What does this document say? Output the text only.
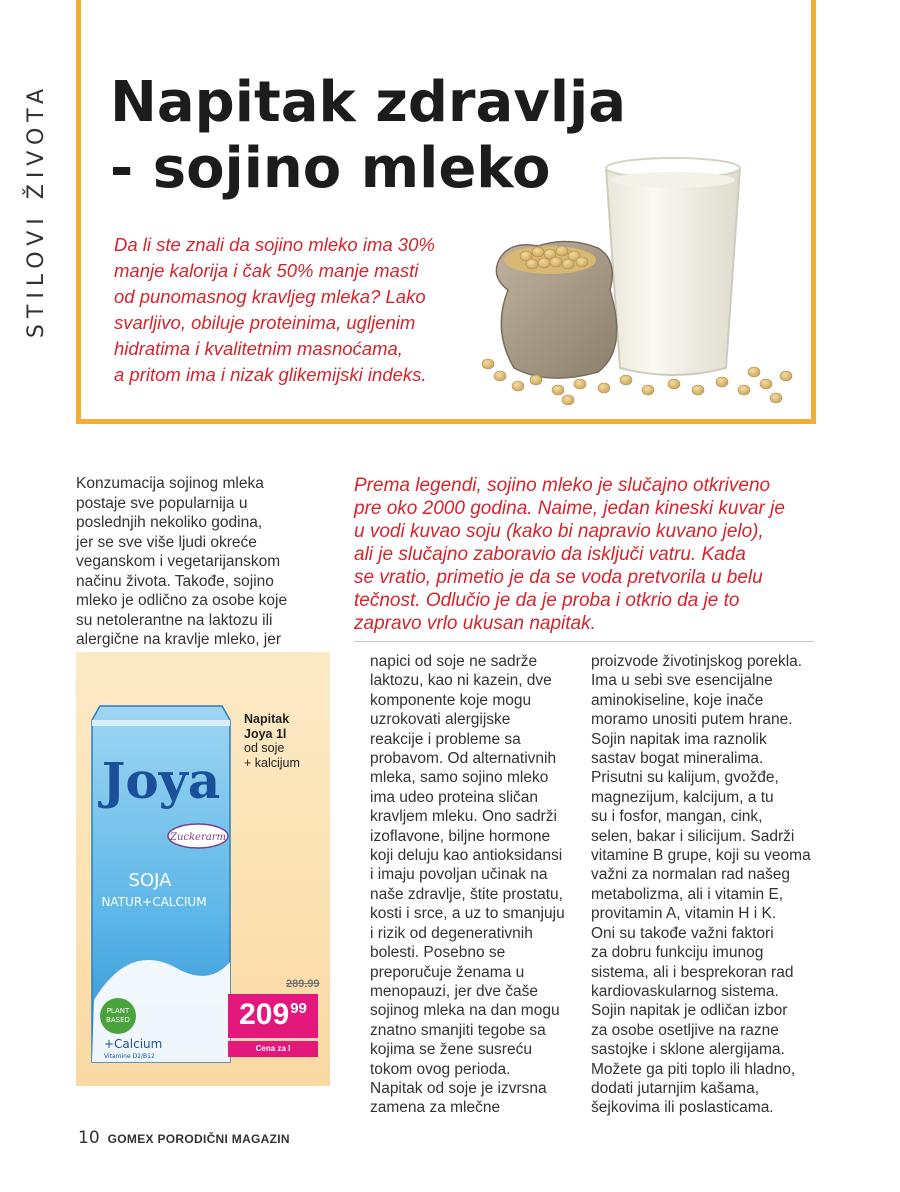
STILOVI ŽIVOTA Napitak zdravlja
- sojino mleko
Da li ste znali da sojino mleko ima 30%
manje kalorija i čak 50% manje masti
od punomasnog kravljeg mleka? Lako
svarljivo, obiluje proteinima, ugljenim
hidratima i kvalitetnim masnoćama,
a pritom ima i nizak glikemijski indeks.
Konzumacija sojinog mleka
postaje sve popularnija u
poslednjih nekoliko godina,
jer se sve više ljudi okreće
veganskom i vegetarijanskom
načinu života. Takođe, sojino
mleko je odlično za osobe koje
su netolerantne na laktozu ili
alergične na kravlje mleko, jer
Prema legendi, sojino mleko je slučajno otkriveno
pre oko 2000 godina. Naime, jedan kineski kuvar je
u vodi kuvao soju (kako bi napravio kuvano jelo),
ali je slučajno zaboravio da isključi vatru. Kada
se vratio, primetio je da se voda pretvorila u belu
tečnost. Odlučio je da je proba i otkrio da je to
zapravo vrlo ukusan napitak.
Joya
Zuckerarm
SOJA
NATUR+CALCIUM
PLANT
BASED
+Calcium
Vitamine D2/B12
Napitak
Joya 1l
od soje
+ kalcijum
289.99
209 99
Cena za l
napici od soje ne sadrže
laktozu, kao ni kazein, dve
komponente koje mogu
uzrokovati alergijske
reakcije i probleme sa
probavom. Od alternativnih
mleka, samo sojino mleko
ima udeo proteina sličan
kravljem mleku. Ono sadrži
izoflavone, biljne hormone
koji deluju kao antioksidansi
i imaju povoljan učinak na
naše zdravlje, štite prostatu,
kosti i srce, a uz to smanjuju
i rizik od degenerativnih
bolesti. Posebno se
preporučuje ženama u
menopauzi, jer dve čaše
sojinog mleka na dan mogu
znatno smanjiti tegobe sa
kojima se žene susreću
tokom ovog perioda.
Napitak od soje je izvrsna
zamena za mlečne
proizvode životinjskog porekla.
Ima u sebi sve esencijalne
aminokiseline, koje inače
moramo unositi putem hrane.
Sojin napitak ima raznolik
sastav bogat mineralima.
Prisutni su kalijum, gvožđe,
magnezijum, kalcijum, a tu
su i fosfor, mangan, cink,
selen, bakar i silicijum. Sadrži
vitamine B grupe, koji su veoma
važni za normalan rad našeg
metabolizma, ali i vitamin E,
provitamin A, vitamin H i K.
Oni su takođe važni faktori
za dobru funkciju imunog
sistema, ali i besprekoran rad
kardiovaskularnog sistema.
Sojin napitak je odličan izbor
za osobe osetljive na razne
sastojke i sklone alergijama.
Možete ga piti toplo ili hladno,
dodati jutarnjim kašama,
šejkovima ili poslasticama.
10 GOMEX PORODIČNI MAGAZIN
